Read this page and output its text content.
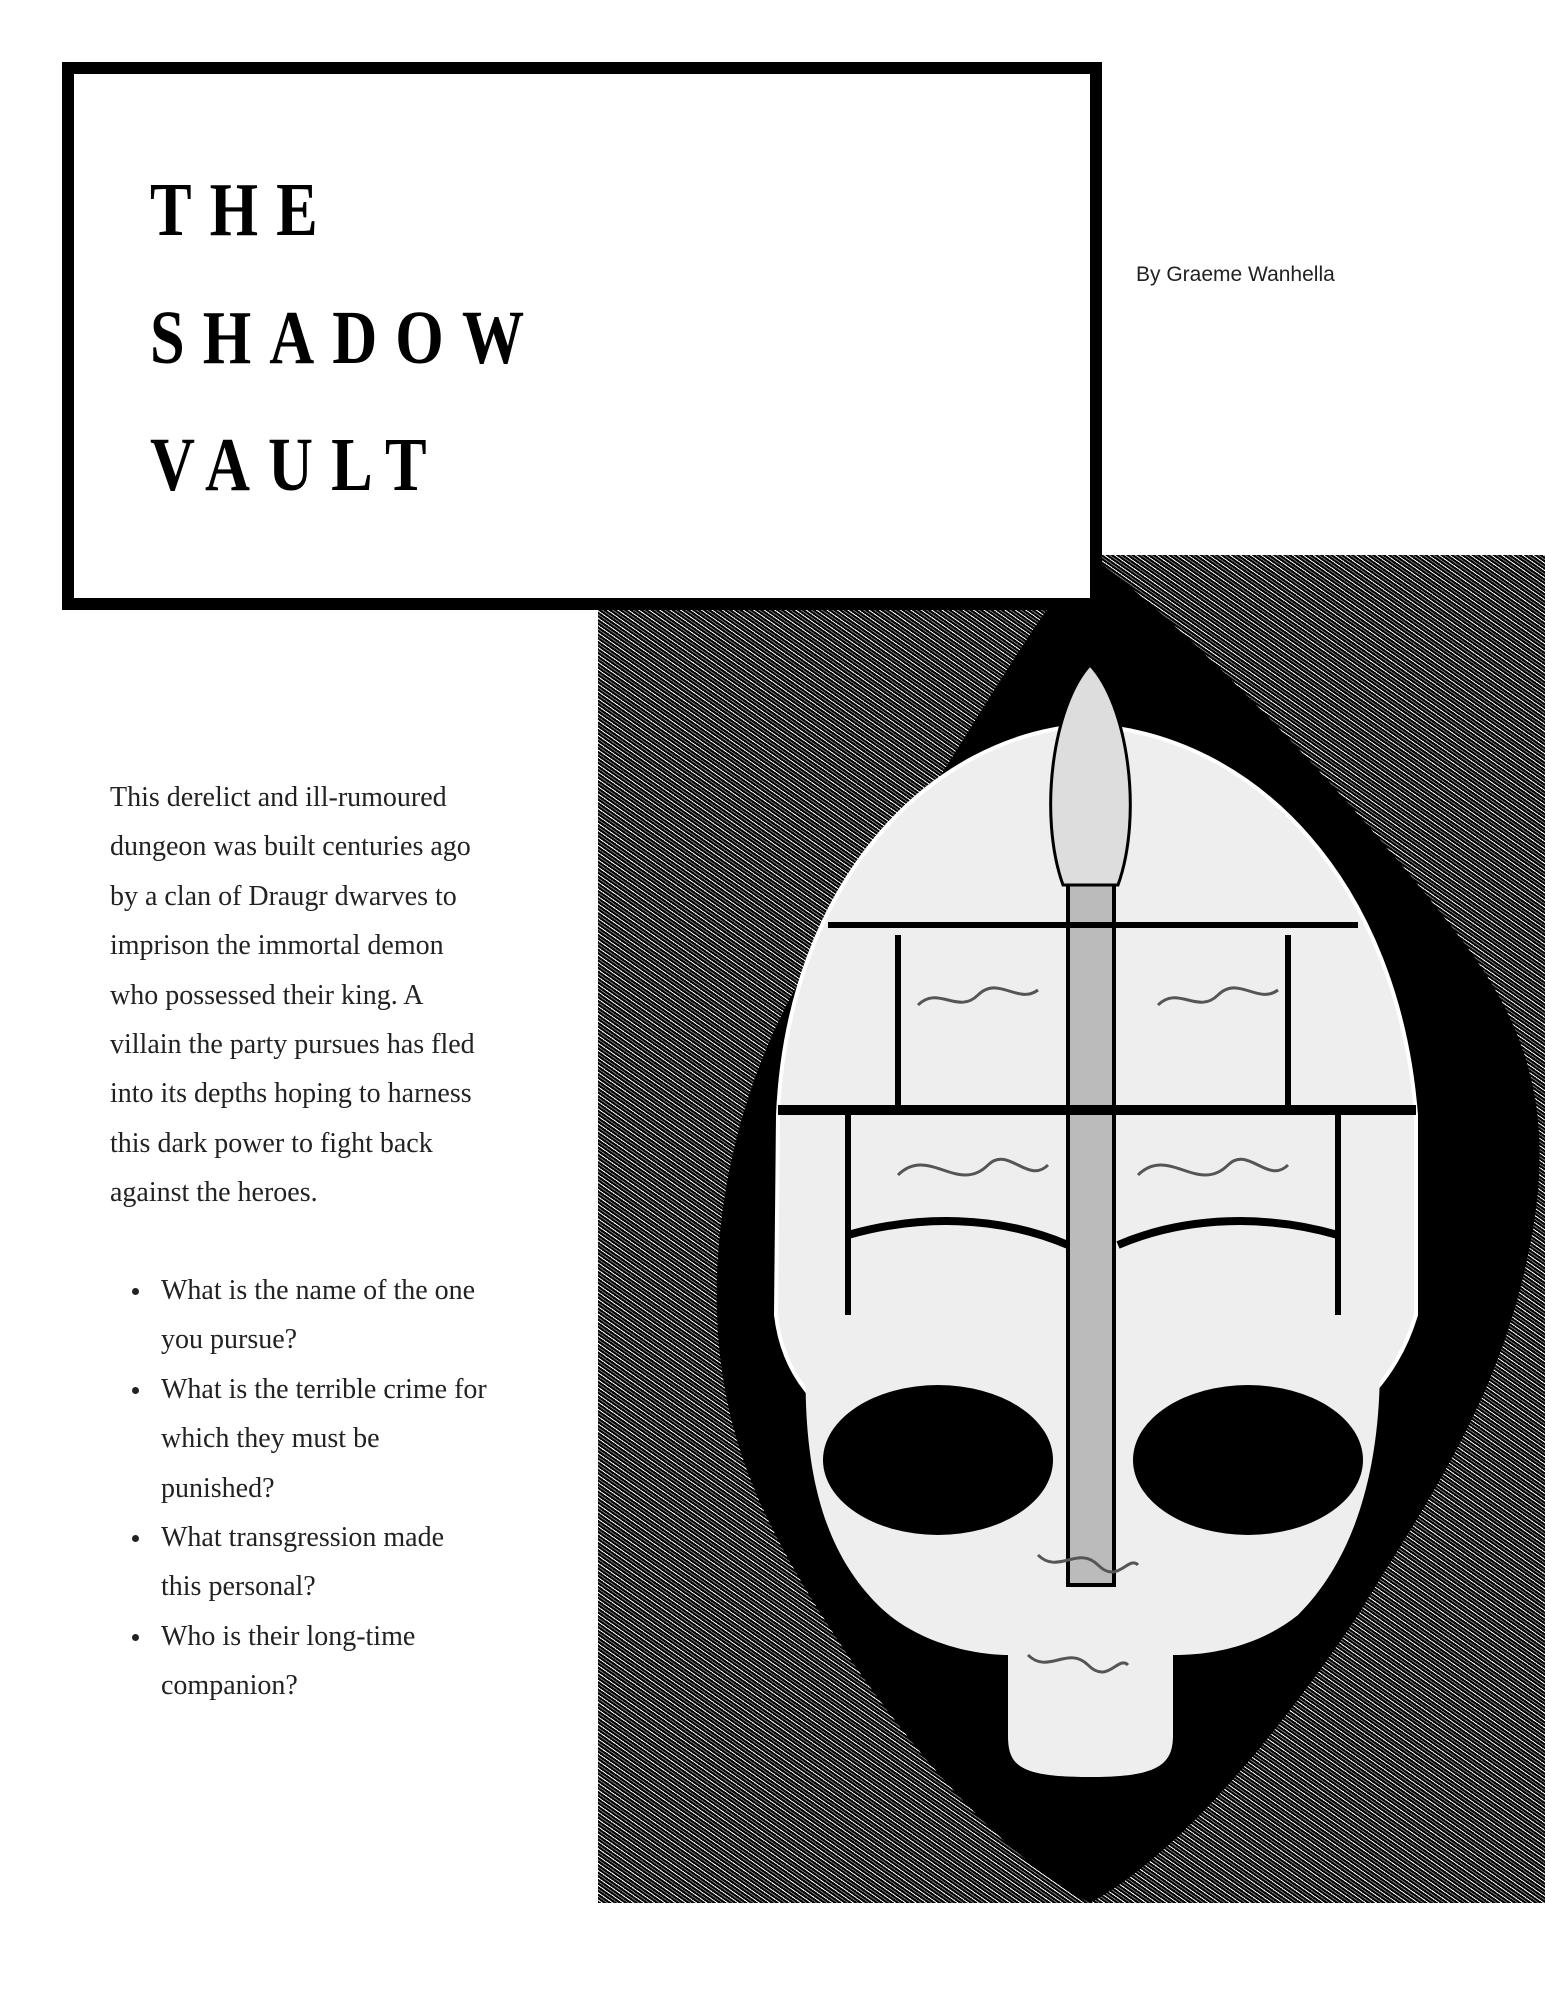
THE
SHADOW
VAULT
By Graeme Wanhella
This derelict and ill-rumoured
dungeon was built centuries ago
by a clan of Draugr dwarves to
imprison the immortal demon
who possessed their king. A
villain the party pursues has fled
into its depths hoping to harness
this dark power to fight back
against the heroes.
What is the name of the one
you pursue?
What is the terrible crime for
which they must be
punished?
What transgression made
this personal?
Who is their long-time
companion?
